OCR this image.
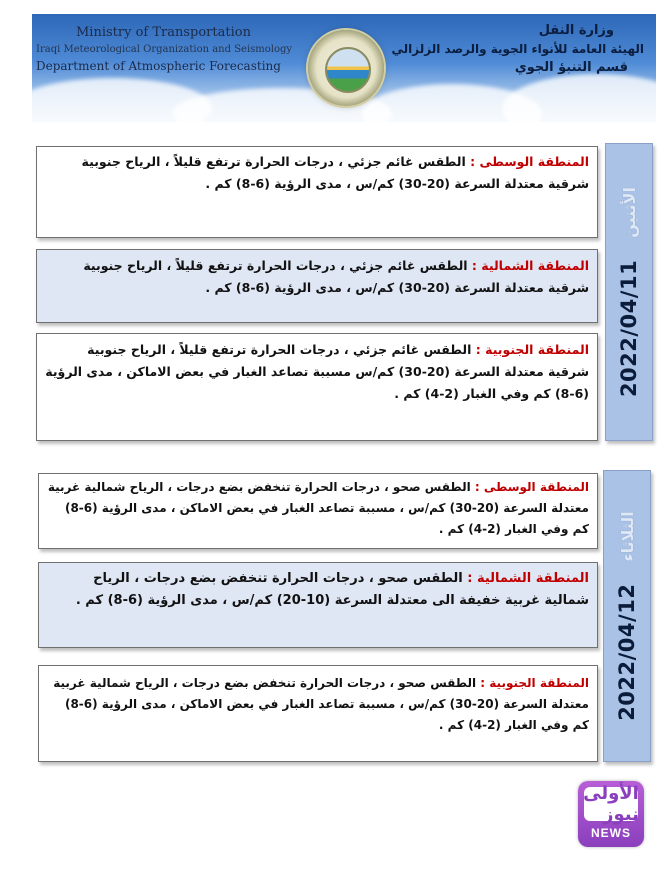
Ministry of Transportation
Iraqi Meteorological Organization and Seismology
Department of Atmospheric Forecasting
وزارة النقل
الهيئة العامة للأنواء الجوية والرصد الزلزالي
قسم التنبؤ الجوي
المنطقة الوسطى : الطقس غائم جزئي ، درجات الحرارة ترتفع قليلاً ، الرياح جنوبية شرقية معتدلة السرعة (20-30) كم/س ، مدى الرؤية (6-8) كم .
المنطقة الشمالية : الطقس غائم جزئي ، درجات الحرارة ترتفع قليلاً ، الرياح جنوبية شرقية معتدلة السرعة (20-30) كم/س ، مدى الرؤية (6-8) كم .
المنطقة الجنوبية : الطقس غائم جزئي ، درجات الحرارة ترتفع قليلاً ، الرياح جنوبية شرقية معتدلة السرعة (20-30) كم/س مسببة تصاعد الغبار في بعض الاماكن ، مدى الرؤية (6-8) كم وفي الغبار (2-4) كم . 2022/04/11
الأثنين
المنطقة الوسطى : الطقس صحو ، درجات الحرارة تنخفض بضع درجات ، الرياح شمالية غربية معتدلة السرعة (20-30) كم/س ، مسببة تصاعد الغبار في بعض الاماكن ، مدى الرؤية (6-8) كم وفي الغبار (2-4) كم .
المنطقة الشمالية : الطقس صحو ، درجات الحرارة تنخفض بضع درجات ، الرياح شمالية غربية خفيفة الى معتدلة السرعة (10-20) كم/س ، مدى الرؤية (6-8) كم .
المنطقة الجنوبية : الطقس صحو ، درجات الحرارة تنخفض بضع درجات ، الرياح شمالية غربية معتدلة السرعة (20-30) كم/س ، مسببة تصاعد الغبار في بعض الاماكن ، مدى الرؤية (6-8) كم وفي الغبار (2-4) كم .
2022/04/12
الثلاثاء
الأولى نيوز
NEWS
